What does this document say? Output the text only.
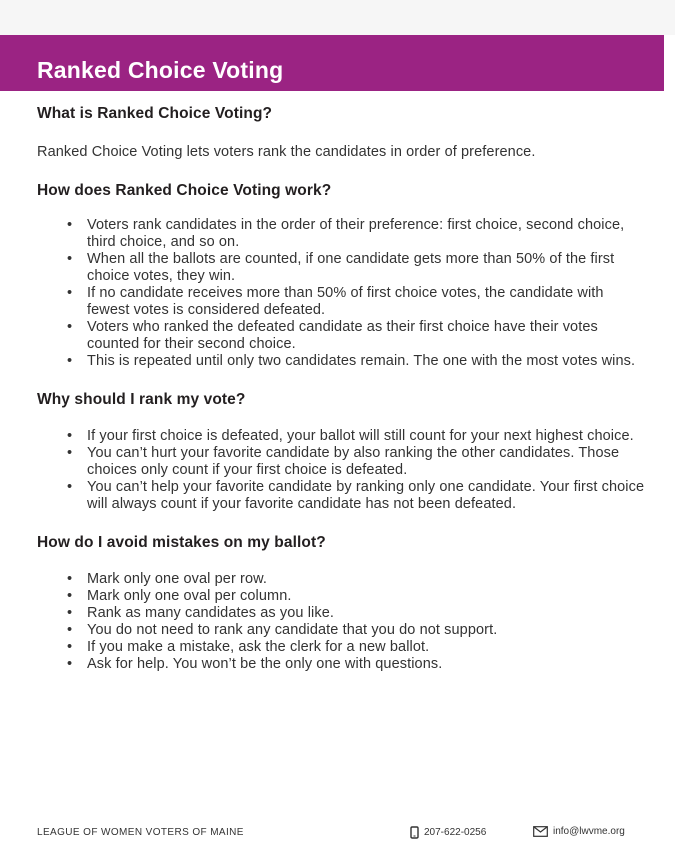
Ranked Choice Voting
What is Ranked Choice Voting?

Ranked Choice Voting lets voters rank the candidates in order of preference.

How does Ranked Choice Voting work?
• Voters rank candidates in the order of their preference: first choice, second choice, third choice, and so on.
• When all the ballots are counted, if one candidate gets more than 50% of the first choice votes, they win.
• If no candidate receives more than 50% of first choice votes, the candidate with fewest votes is considered defeated.
• Voters who ranked the defeated candidate as their first choice have their votes counted for their second choice.
• This is repeated until only two candidates remain. The one with the most votes wins.
Why should I rank my vote?
• If your first choice is defeated, your ballot will still count for your next highest choice.
• You can’t hurt your favorite candidate by also ranking the other candidates. Those choices only count if your first choice is defeated.
• You can’t help your favorite candidate by ranking only one candidate. Your first choice will always count if your favorite candidate has not been defeated.
How do I avoid mistakes on my ballot?
• Mark only one oval per row.
• Mark only one oval per column.
• Rank as many candidates as you like.
• You do not need to rank any candidate that you do not support.
• If you make a mistake, ask the clerk for a new ballot.
• Ask for help. You won’t be the only one with questions.
LEAGUE OF WOMEN VOTERS OF MAINE	207-622-0256	info@lwvme.org
